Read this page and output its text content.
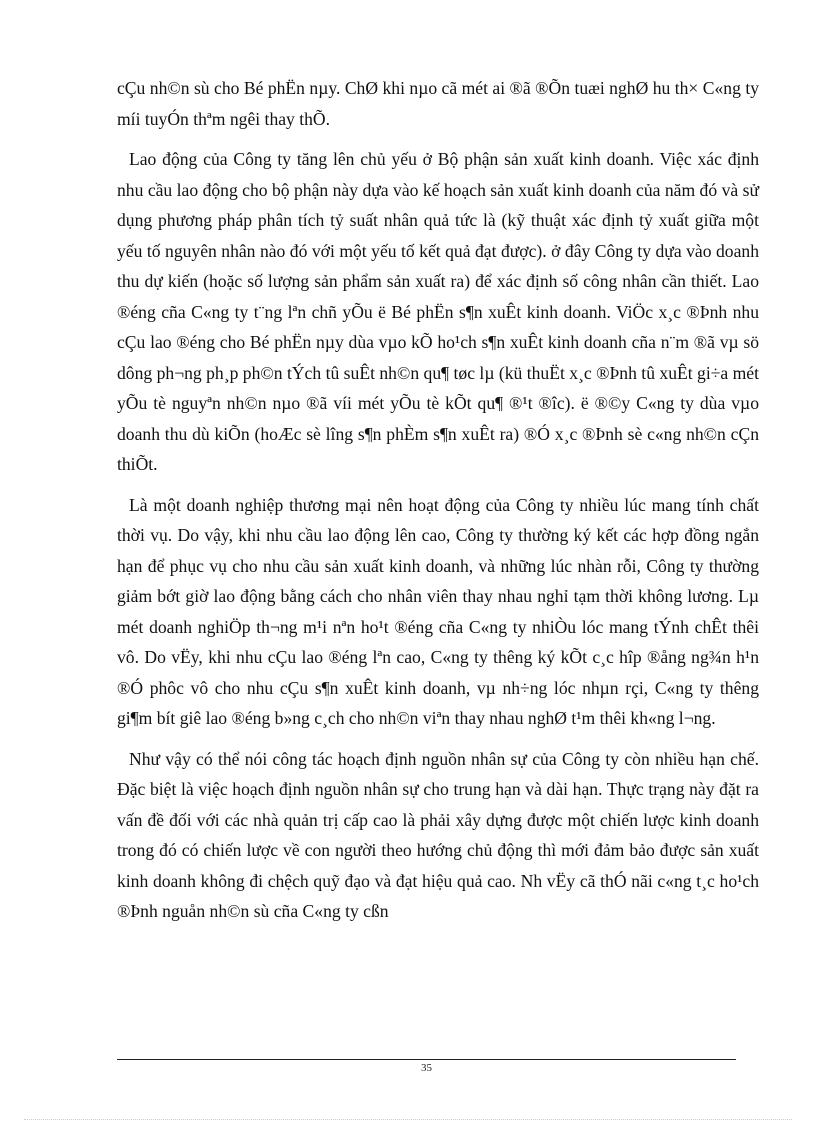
cÇu nh©n sù cho Bé phËn nµy. ChØ khi nµo cã mét ai ®ã ®Õn tuæi nghØ hu th× C«ng ty míi tuyÓn thªm ngêi thay thÕ.

Lao động của Công ty tăng lên chủ yếu ở Bộ phận sản xuất kinh doanh. Việc xác định nhu cầu lao động cho bộ phận này dựa vào kế hoạch sản xuất kinh doanh của năm đó và sử dụng phương pháp phân tích tỷ suất nhân quả tức là (kỹ thuật xác định tỷ xuất giữa một yếu tố nguyên nhân nào đó với một yếu tố kết quả đạt được). ở đây Công ty dựa vào doanh thu dự kiến (hoặc số lượng sản phẩm sản xuất ra) để xác định số công nhân cần thiết. Lao ®éng cña C«ng ty t¨ng lªn chñ yÕu ë Bé phËn s¶n xuÊt kinh doanh. ViÖc x¸c ®Þnh nhu cÇu lao ®éng cho Bé phËn nµy dùa vµo kÕ ho¹ch s¶n xuÊt kinh doanh cña n¨m ®ã vµ sö dông ph¬ng ph¸p ph©n tÝch tû suÊt nh©n qu¶ tøc lµ (kü thuËt x¸c ®Þnh tû xuÊt gi÷a mét yÕu tè nguyªn nh©n nµo ®ã víi mét yÕu tè kÕt qu¶ ®¹t ®îc). ë ®©y C«ng ty dùa vµo doanh thu dù kiÕn (hoÆc sè lîng s¶n phÈm s¶n xuÊt ra) ®Ó x¸c ®Þnh sè c«ng nh©n cÇn thiÕt.

Là một doanh nghiệp thương mại nên hoạt động của Công ty nhiều lúc mang tính chất thời vụ. Do vậy, khi nhu cầu lao động lên cao, Công ty thường ký kết các hợp đồng ngắn hạn để phục vụ cho nhu cầu sản xuất kinh doanh, và những lúc nhàn rỗi, Công ty thường giảm bớt giờ lao động bằng cách cho nhân viên thay nhau nghỉ tạm thời không lương. Lµ mét doanh nghiÖp th¬ng m¹i nªn ho¹t ®éng cña C«ng ty nhiÒu lóc mang tÝnh chÊt thêi vô. Do vËy, khi nhu cÇu lao ®éng lªn cao, C«ng ty thêng ký kÕt c¸c hîp ®ång ng¾n h¹n ®Ó phôc vô cho nhu cÇu s¶n xuÊt kinh doanh, vµ nh÷ng lóc nhµn rçi, C«ng ty thêng gi¶m bít giê lao ®éng b»ng c¸ch cho nh©n viªn thay nhau nghØ t¹m thêi kh«ng l¬ng.

Như vậy có thể nói công tác hoạch định nguồn nhân sự của Công ty còn nhiều hạn chế. Đặc biệt là việc hoạch định nguồn nhân sự cho trung hạn và dài hạn. Thực trạng này đặt ra vấn đề đối với các nhà quản trị cấp cao là phải xây dựng được một chiến lược kinh doanh trong đó có chiến lược về con người theo hướng chủ động thì mới đảm bảo được sản xuất kinh doanh không đi chệch quỹ đạo và đạt hiệu quả cao. Nh vËy cã thÓ nãi c«ng t¸c ho¹ch ®Þnh nguån nh©n sù cña C«ng ty cßn

35
